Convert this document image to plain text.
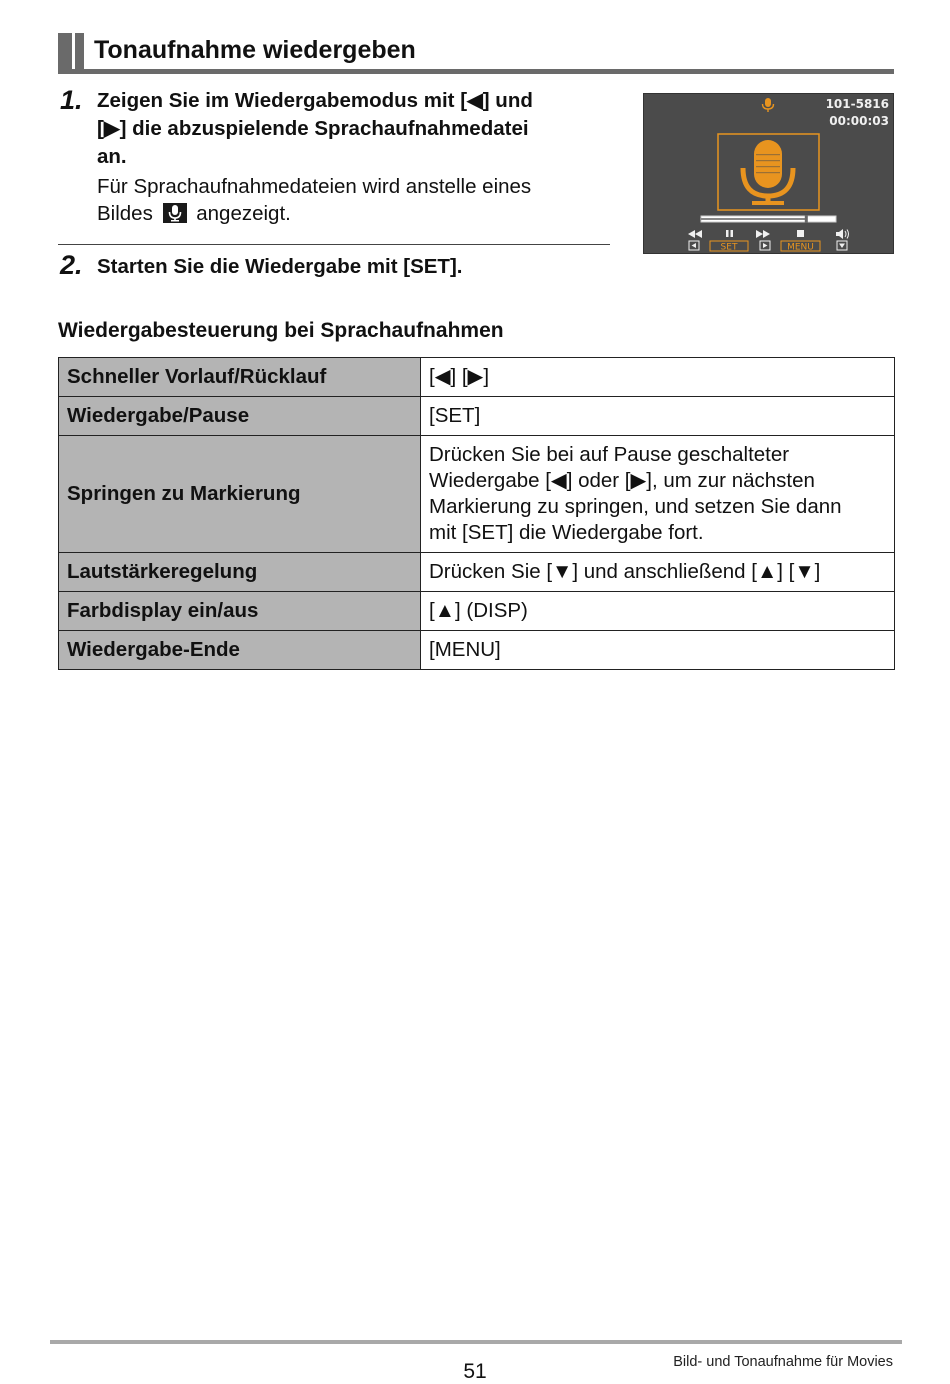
Tonaufnahme wiedergeben
1. Zeigen Sie im Wiedergabemodus mit [◀] und
[▶] die abzuspielende Sprachaufnahmedatei
an.
Für Sprachaufnahmedateien wird anstelle eines
Bildes angezeigt.
2. Starten Sie die Wiedergabe mit [SET].
101-5816
00:00:03
SET	MENU
Wiedergabesteuerung bei Sprachaufnahmen
Schneller Vorlauf/Rücklauf	[◀] [▶]

Wiedergabe/Pause	[SET]

Springen zu Markierung	Drücken Sie bei auf Pause geschalteter
Wiedergabe [◀] oder [▶], um zur nächsten
Markierung zu springen, und setzen Sie dann
mit [SET] die Wiedergabe fort.

Lautstärkeregelung	Drücken Sie [▼] und anschließend [▲] [▼]

Farbdisplay ein/aus	[▲] (DISP)

Wiedergabe-Ende	[MENU]
51	Bild- und Tonaufnahme für Movies
